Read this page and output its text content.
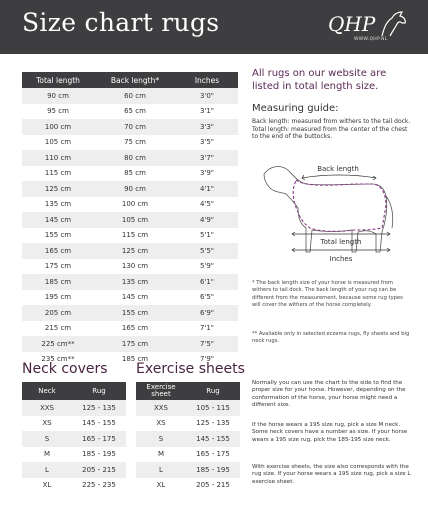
Size chart rugs	QHP
WWW.QHP.NL
Total length	Back length*	Inches
90 cm	60 cm	3'0"
95 cm	65 cm	3'1"
100 cm	70 cm	3'3"
105 cm	75 cm	3'5"
110 cm	80 cm	3'7"
115 cm	85 cm	3'9"
125 cm	90 cm	4'1"
135 cm	100 cm	4'5"
145 cm	105 cm	4'9"
155 cm	115 cm	5'1"
165 cm	125 cm	5'5"
175 cm	130 cm	5'9"
185 cm	135 cm	6'1"
195 cm	145 cm	6'5"
205 cm	155 cm	6'9"
215 cm	165 cm	7'1"
225 cm**	175 cm	7'5"
235 cm**	185 cm	7'9"
Neck covers Exercise sheets
Neck	Rug
XXS	125 - 135
XS	145 - 155
S	165 - 175
M	185 - 195
L	205 - 215
XL	225 - 235
Exercise sheet	Rug
XXS	105 - 115
XS	125 - 135
S	145 - 155
M	165 - 175
L	185 - 195
XL	205 - 215
All rugs on our website are listed in total length size.
Measuring guide:
Back length: measured from withers to the tail dock.
Total length: measured from the center of the chest to the end of the buttocks.
Back length
Total length
Inches
* The back length size of your horse is measured from withers to tail dock. The back length of your rug can be different from the measurement, because some rug types will cover the withers of the horse completely.
** Available only in selected eczema rugs, fly sheets and big neck rugs.
Normally you can use the chart to the side to find the proper size for your horse. However, depending on the conformation of the horse, your horse might need a different size.
If the horse wears a 195 size rug, pick a size M neck. Some neck covers have a number as size. If your horse wears a 195 size rug, pick the 185-195 size neck.
With exercise sheets, the size also corresponds with the rug size. If your horse wears a 195 size rug, pick a size L exercise sheet.
